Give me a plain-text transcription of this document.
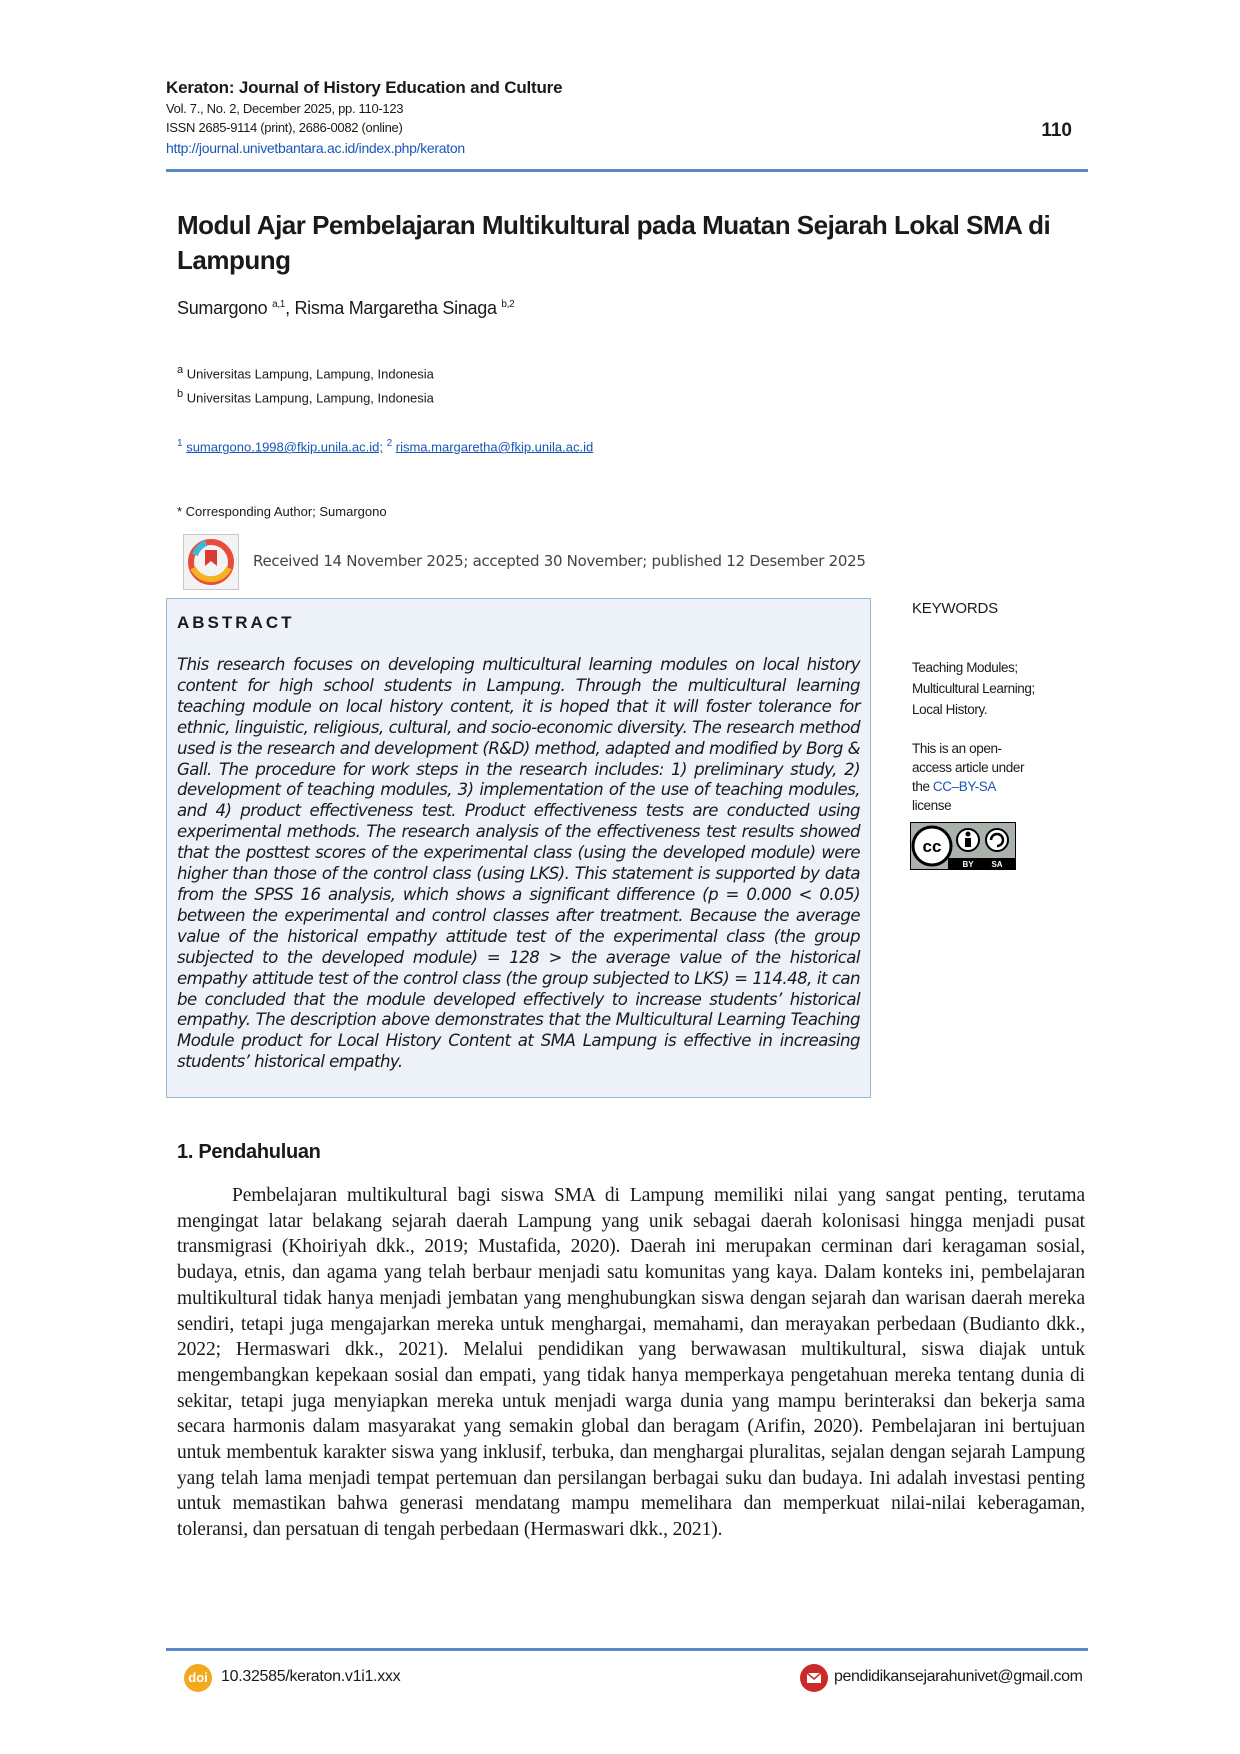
Keraton: Journal of History Education and Culture
Vol. 7., No. 2, December 2025, pp. 110-123
ISSN 2685-9114 (print), 2686-0082 (online)
http://journal.univetbantara.ac.id/index.php/keraton
110
Modul Ajar Pembelajaran Multikultural pada Muatan Sejarah Lokal SMA di Lampung
Sumargono $^{a,1}$, Risma Margaretha Sinaga $^{b,2}$
$^a$ Universitas Lampung, Lampung, Indonesia
$^b$ Universitas Lampung, Lampung, Indonesia
$^1$ sumargono.1998@fkip.unila.ac.id; $^2$ risma.margaretha@fkip.unila.ac.id
* Corresponding Author; Sumargono
Received 14 November 2025; accepted 30 November; published 12 Desember 2025
ABSTRACT
This research focuses on developing multicultural learning modules on local history content for high school students in Lampung. Through the multicultural learning teaching module on local history content, it is hoped that it will foster tolerance for ethnic, linguistic, religious, cultural, and socio-economic diversity. The research method used is the research and development (R&D) method, adapted and modified by Borg & Gall. The procedure for work steps in the research includes: 1) preliminary study, 2) development of teaching modules, 3) implementation of the use of teaching modules, and 4) product effectiveness test. Product effectiveness tests are conducted using experimental methods. The research analysis of the effectiveness test results showed that the posttest scores of the experimental class (using the developed module) were higher than those of the control class (using LKS). This statement is supported by data from the SPSS 16 analysis, which shows a significant difference (p = 0.000 < 0.05) between the experimental and control classes after treatment. Because the average value of the historical empathy attitude test of the experimental class (the group subjected to the developed module) = 128 > the average value of the historical empathy attitude test of the control class (the group subjected to LKS) = 114.48, it can be concluded that the module developed effectively to increase students’ historical empathy. The description above demonstrates that the Multicultural Learning Teaching Module product for Local History Content at SMA Lampung is effective in increasing students’ historical empathy.
KEYWORDS
Teaching Modules;
Multicultural Learning;
Local History.
This is an open-
access article under
the CC–BY-SA
license
cc
BY SA
1. Pendahuluan
Pembelajaran multikultural bagi siswa SMA di Lampung memiliki nilai yang sangat penting, terutama mengingat latar belakang sejarah daerah Lampung yang unik sebagai daerah kolonisasi hingga menjadi pusat transmigrasi (Khoiriyah dkk., 2019; Mustafida, 2020). Daerah ini merupakan cerminan dari keragaman sosial, budaya, etnis, dan agama yang telah berbaur menjadi satu komunitas yang kaya. Dalam konteks ini, pembelajaran multikultural tidak hanya menjadi jembatan yang menghubungkan siswa dengan sejarah dan warisan daerah mereka sendiri, tetapi juga mengajarkan mereka untuk menghargai, memahami, dan merayakan perbedaan (Budianto dkk., 2022; Hermaswari dkk., 2021). Melalui pendidikan yang berwawasan multikultural, siswa diajak untuk mengembangkan kepekaan sosial dan empati, yang tidak hanya memperkaya pengetahuan mereka tentang dunia di sekitar, tetapi juga menyiapkan mereka untuk menjadi warga dunia yang mampu berinteraksi dan bekerja sama secara harmonis dalam masyarakat yang semakin global dan beragam (Arifin, 2020). Pembelajaran ini bertujuan untuk membentuk karakter siswa yang inklusif, terbuka, dan menghargai pluralitas, sejalan dengan sejarah Lampung yang telah lama menjadi tempat pertemuan dan persilangan berbagai suku dan budaya. Ini adalah investasi penting untuk memastikan bahwa generasi mendatang mampu memelihara dan memperkuat nilai-nilai keberagaman, toleransi, dan persatuan di tengah perbedaan (Hermaswari dkk., 2021).
doi 10.32585/keraton.v1i1.xxx	pendidikansejarahunivet@gmail.com
